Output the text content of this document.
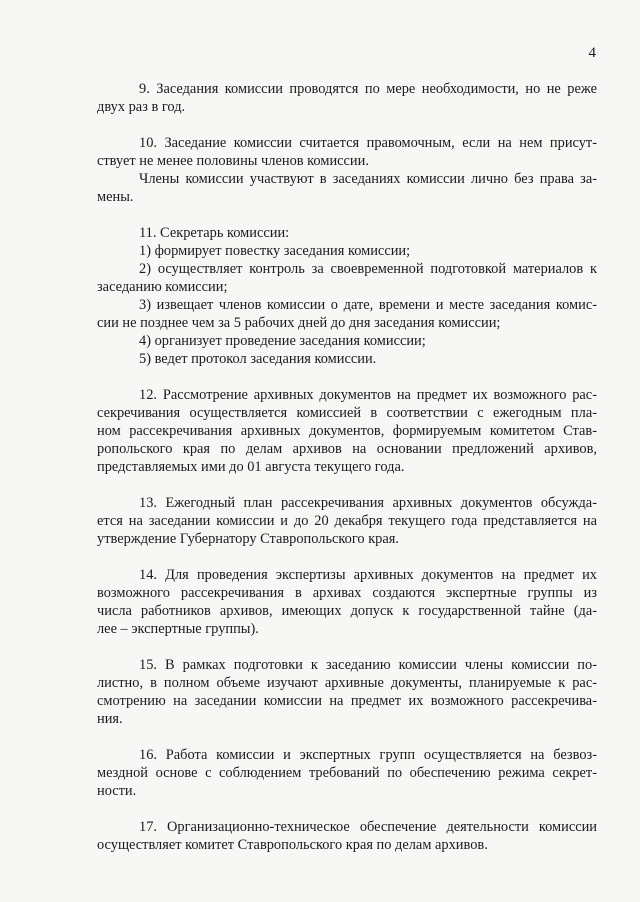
4
9. Заседания комиссии проводятся по мере необходимости, но не реже
двух раз в год.
10. Заседание комиссии считается правомочным, если на нем присут-
ствует не менее половины членов комиссии.
Члены комиссии участвуют в заседаниях комиссии лично без права за-
мены.
11. Секретарь комиссии:
1) формирует повестку заседания комиссии;
2) осуществляет контроль за своевременной подготовкой материалов к
заседанию комиссии;
3) извещает членов комиссии о дате, времени и месте заседания комис-
сии не позднее чем за 5 рабочих дней до дня заседания комиссии;
4) организует проведение заседания комиссии;
5) ведет протокол заседания комиссии.
12. Рассмотрение архивных документов на предмет их возможного рас-
секречивания осуществляется комиссией в соответствии с ежегодным пла-
ном рассекречивания архивных документов, формируемым комитетом Став-
ропольского края по делам архивов на основании предложений архивов,
представляемых ими до 01 августа текущего года.
13. Ежегодный план рассекречивания архивных документов обсужда-
ется на заседании комиссии и до 20 декабря текущего года представляется на
утверждение Губернатору Ставропольского края.
14. Для проведения экспертизы архивных документов на предмет их
возможного рассекречивания в архивах создаются экспертные группы из
числа работников архивов, имеющих допуск к государственной тайне (да-
лее – экспертные группы).
15. В рамках подготовки к заседанию комиссии члены комиссии по-
листно, в полном объеме изучают архивные документы, планируемые к рас-
смотрению на заседании комиссии на предмет их возможного рассекречива-
ния.
16. Работа комиссии и экспертных групп осуществляется на безвоз-
мездной основе с соблюдением требований по обеспечению режима секрет-
ности.
17. Организационно-техническое обеспечение деятельности комиссии
осуществляет комитет Ставропольского края по делам архивов.
